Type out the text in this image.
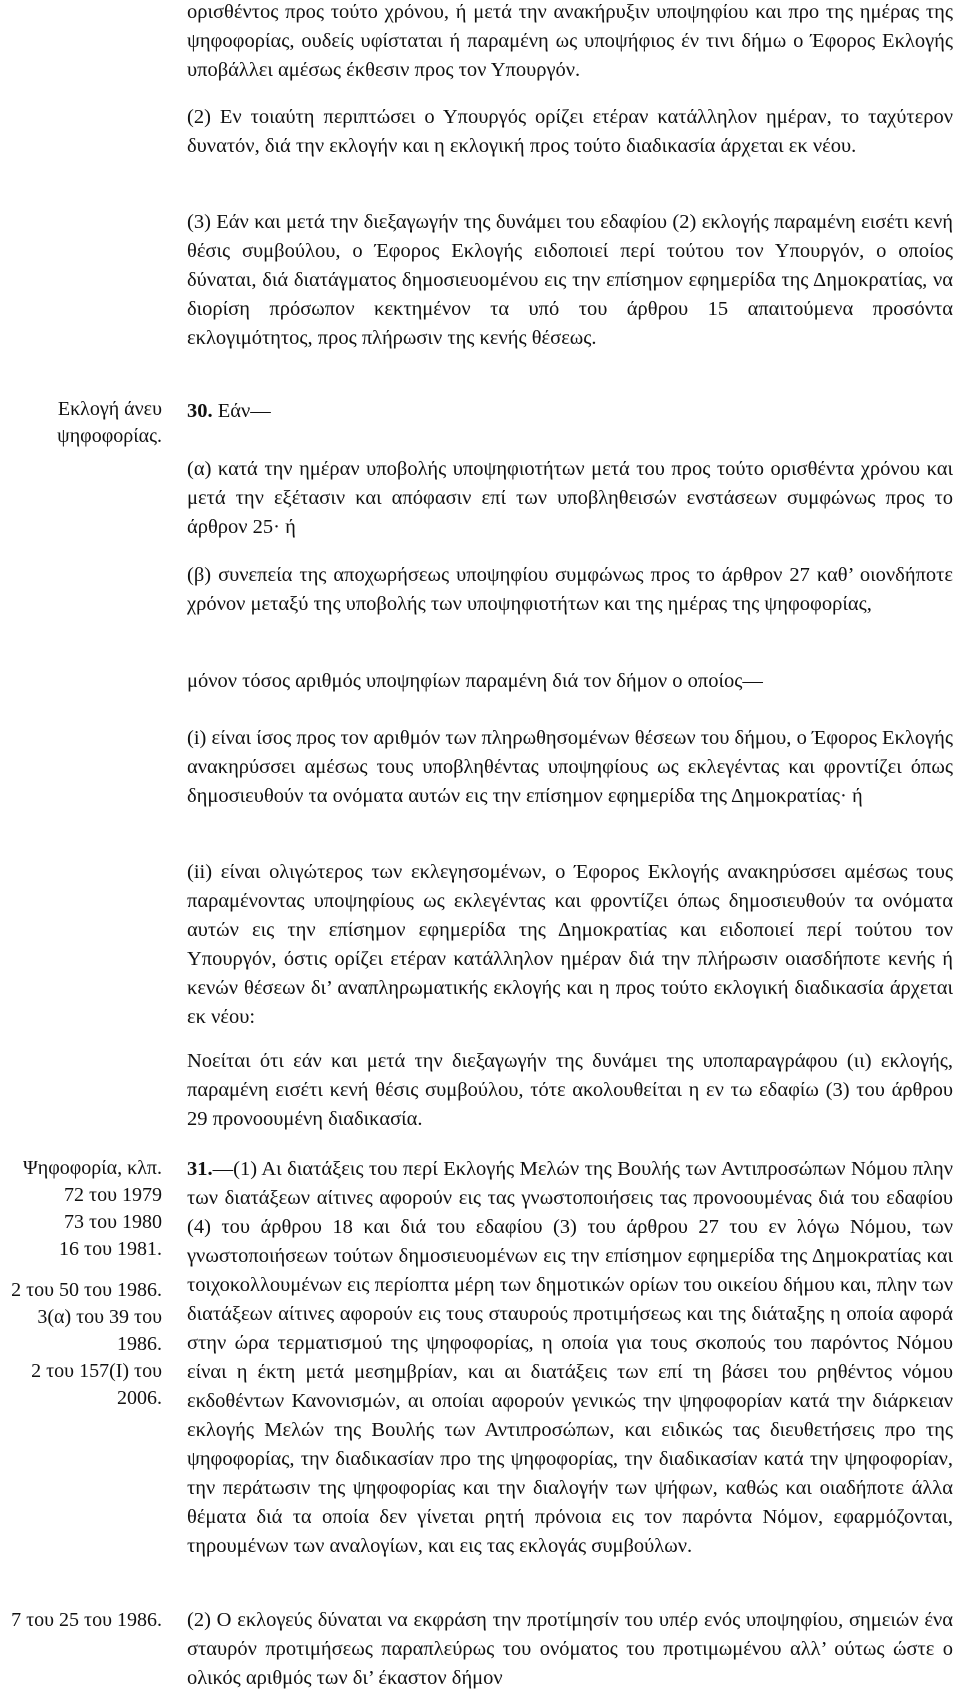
ορισθέντος προς τούτο χρόνου, ή μετά την ανακήρυξιν υποψηφίου και προ της ημέρας της ψηφοφορίας, ουδείς υφίσταται ή παραμένη ως υποψήφιος έν τινι δήμω ο Έφορος Εκλογής υποβάλλει αμέσως έκθεσιν προς τον Υπουργόν.

(2) Εν τοιαύτη περιπτώσει ο Υπουργός ορίζει ετέραν κατάλληλον ημέραν, το ταχύτερον δυνατόν, διά την εκλογήν και η εκλογική προς τούτο διαδικασία άρχεται εκ νέου.

(3) Εάν και μετά την διεξαγωγήν της δυνάμει του εδαφίου (2) εκλογής παραμένη εισέτι κενή θέσις συμβούλου, ο Έφορος Εκλογής ειδοποιεί περί τούτου τον Υπουργόν, ο οποίος δύναται, διά διατάγματος δημοσιευομένου εις την επίσημον εφημερίδα της Δημοκρατίας, να διορίση πρόσωπον κεκτημένον τα υπό του άρθρου 15 απαιτούμενα προσόντα εκλογιμότητος, προς πλήρωσιν της κενής θέσεως.

Εκλογή άνευ
ψηφοφορίας.

30. Εάν—

(α) κατά την ημέραν υποβολής υποψηφιοτήτων μετά του προς τούτο ορισθέντα χρόνου και μετά την εξέτασιν και απόφασιν επί των υποβληθεισών ενστάσεων συμφώνως προς το άρθρον 25· ή

(β) συνεπεία της αποχωρήσεως υποψηφίου συμφώνως προς το άρθρον 27 καθ’ οιονδήποτε χρόνον μεταξύ της υποβολής των υποψηφιοτήτων και της ημέρας της ψηφοφορίας,

μόνον τόσος αριθμός υποψηφίων παραμένη διά τον δήμον ο οποίος—

(i) είναι ίσος προς τον αριθμόν των πληρωθησομένων θέσεων του δήμου, ο Έφορος Εκλογής ανακηρύσσει αμέσως τους υποβληθέντας υποψηφίους ως εκλεγέντας και φροντίζει όπως δημοσιευθούν τα ονόματα αυτών εις την επίσημον εφημερίδα της Δημοκρατίας· ή

(ii) είναι ολιγώτερος των εκλεγησομένων, ο Έφορος Εκλογής ανακηρύσσει αμέσως τους παραμένοντας υποψηφίους ως εκλεγέντας και φροντίζει όπως δημοσιευθούν τα ονόματα αυτών εις την επίσημον εφημερίδα της Δημοκρατίας και ειδοποιεί περί τούτου τον Υπουργόν, όστις ορίζει ετέραν κατάλληλον ημέραν διά την πλήρωσιν οιασδήποτε κενής ή κενών θέσεων δι’ αναπληρωματικής εκλογής και η προς τούτο εκλογική διαδικασία άρχεται εκ νέου:

Νοείται ότι εάν και μετά την διεξαγωγήν της δυνάμει της υποπαραγράφου (ιι) εκλογής, παραμένη εισέτι κενή θέσις συμβούλου, τότε ακολουθείται η εν τω εδαφίω (3) του άρθρου 29 προνοουμένη διαδικασία.

Ψηφοφορία, κλπ.
72 του 1979
73 του 1980
16 του 1981.
2 του 50 του 1986.
3(α) του 39 του
1986.
2 του 157(Ι) του
2006.

31.—(1) Αι διατάξεις του περί Εκλογής Μελών της Βουλής των Αντιπροσώπων Νόμου πλην των διατάξεων αίτινες αφορούν εις τας γνωστοποιήσεις τας προνοουμένας διά του εδαφίου (4) του άρθρου 18 και διά του εδαφίου (3) του άρθρου 27 του εν λόγω Νόμου, των γνωστοποιήσεων τούτων δημοσιευομένων εις την επίσημον εφημερίδα της Δημοκρατίας και τοιχοκολλουμένων εις περίοπτα μέρη των δημοτικών ορίων του οικείου δήμου και, πλην των διατάξεων αίτινες αφορούν εις τους σταυρούς προτιμήσεως και της διάταξης η οποία αφορά στην ώρα τερματισμού της ψηφοφορίας, η οποία για τους σκοπούς του παρόντος Νόμου είναι η έκτη μετά μεσημβρίαν, και αι διατάξεις των επί τη βάσει του ρηθέντος νόμου εκδοθέντων Κανονισμών, αι οποίαι αφορούν γενικώς την ψηφοφορίαν κατά την διάρκειαν εκλογής Μελών της Βουλής των Αντιπροσώπων, και ειδικώς τας διευθετήσεις προ της ψηφοφορίας, την διαδικασίαν προ της ψηφοφορίας, την διαδικασίαν κατά την ψηφοφορίαν, την περάτωσιν της ψηφοφορίας και την διαλογήν των ψήφων, καθώς και οιαδήποτε άλλα θέματα διά τα οποία δεν γίνεται ρητή πρόνοια εις τον παρόντα Νόμον, εφαρμόζονται, τηρουμένων των αναλογίων, και εις τας εκλογάς συμβούλων.

7 του 25 του 1986. (2) Ο εκλογεύς δύναται να εκφράση την προτίμησίν του υπέρ ενός υποψηφίου, σημειών ένα σταυρόν προτιμήσεως παραπλεύρως του ονόματος του προτιμωμένου αλλ’ ούτως ώστε ο ολικός αριθμός των δι’ έκαστον δήμον
